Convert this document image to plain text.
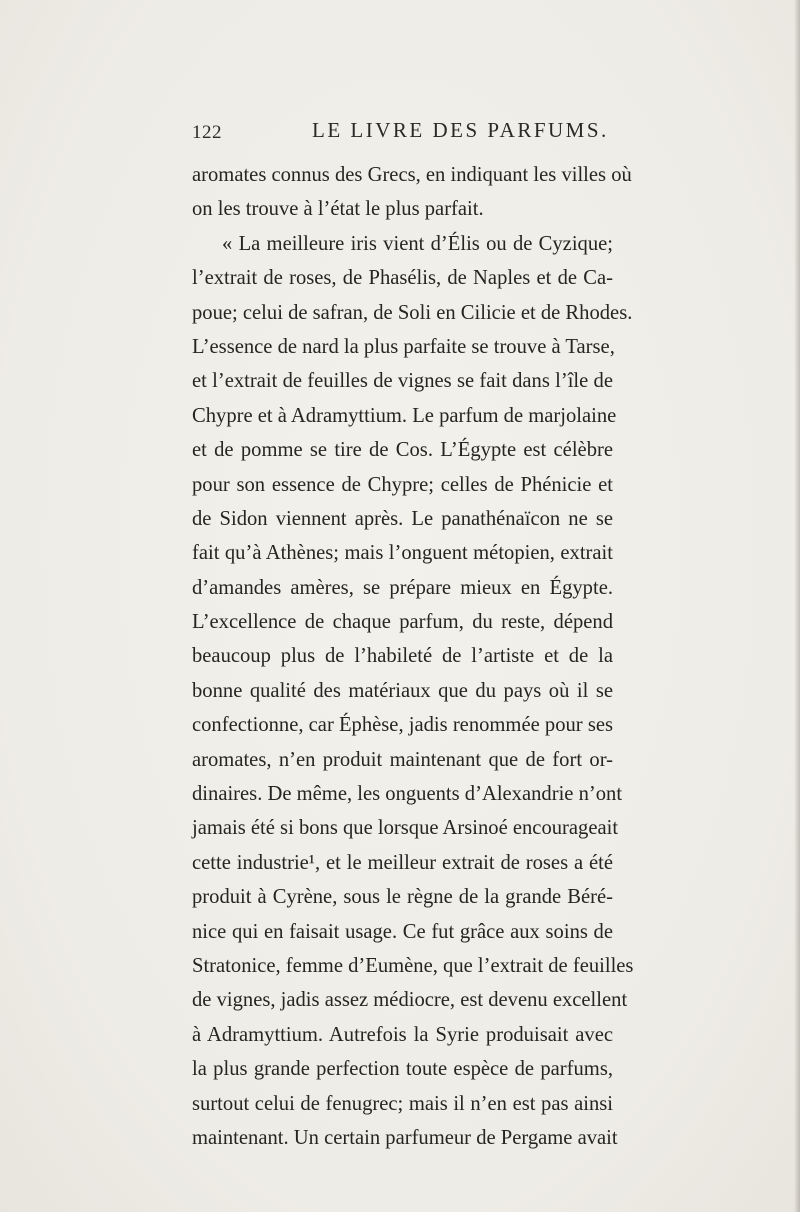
122	LE LIVRE DES PARFUMS.
aromates connus des Grecs, en indiquant les villes où
on les trouve à l’état le plus parfait.
« La meilleure iris vient d’Élis ou de Cyzique;
l’extrait de roses, de Phasélis, de Naples et de Ca-
poue; celui de safran, de Soli en Cilicie et de Rhodes.
L’essence de nard la plus parfaite se trouve à Tarse,
et l’extrait de feuilles de vignes se fait dans l’île de
Chypre et à Adramyttium. Le parfum de marjolaine
et de pomme se tire de Cos. L’Égypte est célèbre
pour son essence de Chypre; celles de Phénicie et
de Sidon viennent après. Le panathénaïcon ne se
fait qu’à Athènes; mais l’onguent métopien, extrait
d’amandes amères, se prépare mieux en Égypte.
L’excellence de chaque parfum, du reste, dépend
beaucoup plus de l’habileté de l’artiste et de la
bonne qualité des matériaux que du pays où il se
confectionne, car Éphèse, jadis renommée pour ses
aromates, n’en produit maintenant que de fort or-
dinaires. De même, les onguents d’Alexandrie n’ont
jamais été si bons que lorsque Arsinoé encourageait
cette industrie¹, et le meilleur extrait de roses a été
produit à Cyrène, sous le règne de la grande Béré-
nice qui en faisait usage. Ce fut grâce aux soins de
Stratonice, femme d’Eumène, que l’extrait de feuilles
de vignes, jadis assez médiocre, est devenu excellent
à Adramyttium. Autrefois la Syrie produisait avec
la plus grande perfection toute espèce de parfums,
surtout celui de fenugrec; mais il n’en est pas ainsi
maintenant. Un certain parfumeur de Pergame avait
